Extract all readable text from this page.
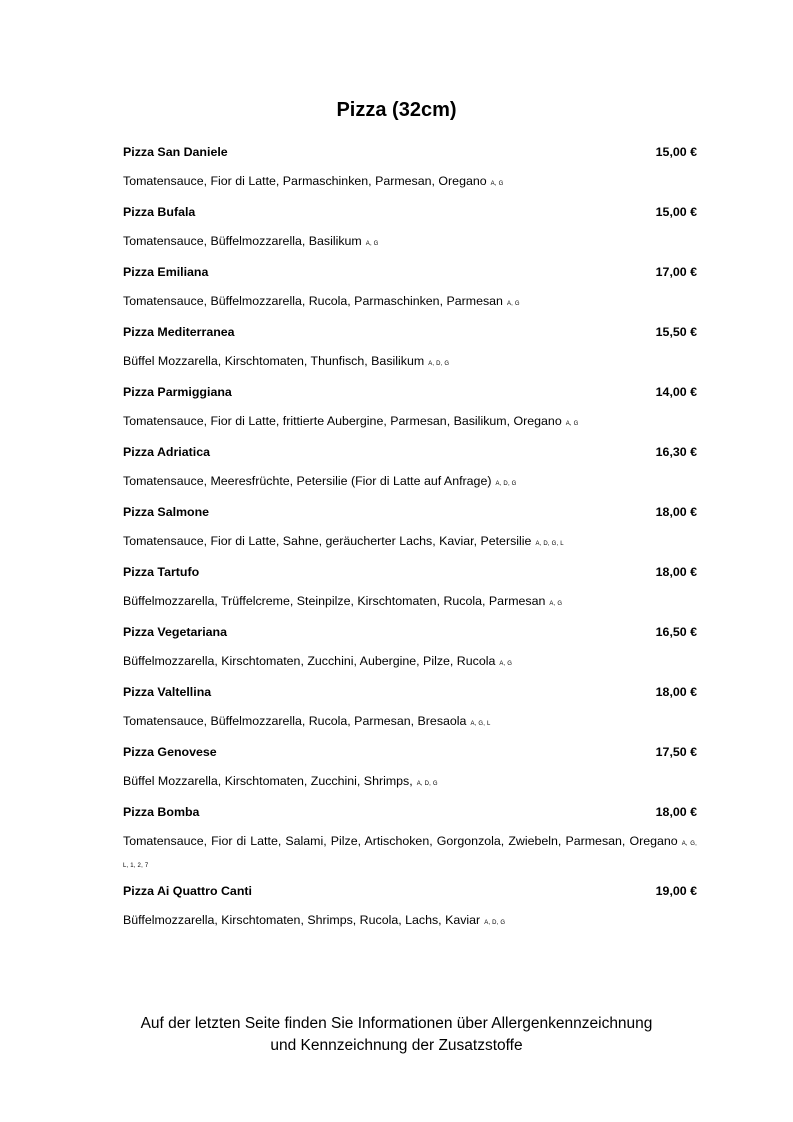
Pizza (32cm)
Pizza San Daniele	15,00 €
Tomatensauce, Fior di Latte, Parmaschinken, Parmesan, Oregano A, G
Pizza Bufala	15,00 €
Tomatensauce, Büffelmozzarella, Basilikum A, G
Pizza Emiliana	17,00 €
Tomatensauce, Büffelmozzarella, Rucola, Parmaschinken, Parmesan A, G
Pizza Mediterranea	15,50 €
Büffel Mozzarella, Kirschtomaten, Thunfisch, Basilikum A, D, G
Pizza Parmiggiana	14,00 €
Tomatensauce, Fior di Latte, frittierte Aubergine, Parmesan, Basilikum, Oregano A, G
Pizza Adriatica	16,30 €
Tomatensauce, Meeresfrüchte, Petersilie (Fior di Latte auf Anfrage) A, D, G
Pizza Salmone	18,00 €
Tomatensauce, Fior di Latte, Sahne, geräucherter Lachs, Kaviar, Petersilie A, D, G, L
Pizza Tartufo	18,00 €
Büffelmozzarella, Trüffelcreme, Steinpilze, Kirschtomaten, Rucola, Parmesan A, G
Pizza Vegetariana	16,50 €
Büffelmozzarella, Kirschtomaten, Zucchini, Aubergine, Pilze, Rucola A, G
Pizza Valtellina	18,00 €
Tomatensauce, Büffelmozzarella, Rucola, Parmesan, Bresaola A, G, L
Pizza Genovese	17,50 €
Büffel Mozzarella, Kirschtomaten, Zucchini, Shrimps, A, D, G
Pizza Bomba	18,00 €
Tomatensauce, Fior di Latte, Salami, Pilze, Artischoken, Gorgonzola, Zwiebeln, Parmesan, Oregano A, G, L, 1, 2, 7
Pizza Ai Quattro Canti	19,00 €
Büffelmozzarella, Kirschtomaten, Shrimps, Rucola, Lachs, Kaviar A, D, G
Auf der letzten Seite finden Sie Informationen über Allergenkennzeichnung
und Kennzeichnung der Zusatzstoffe
